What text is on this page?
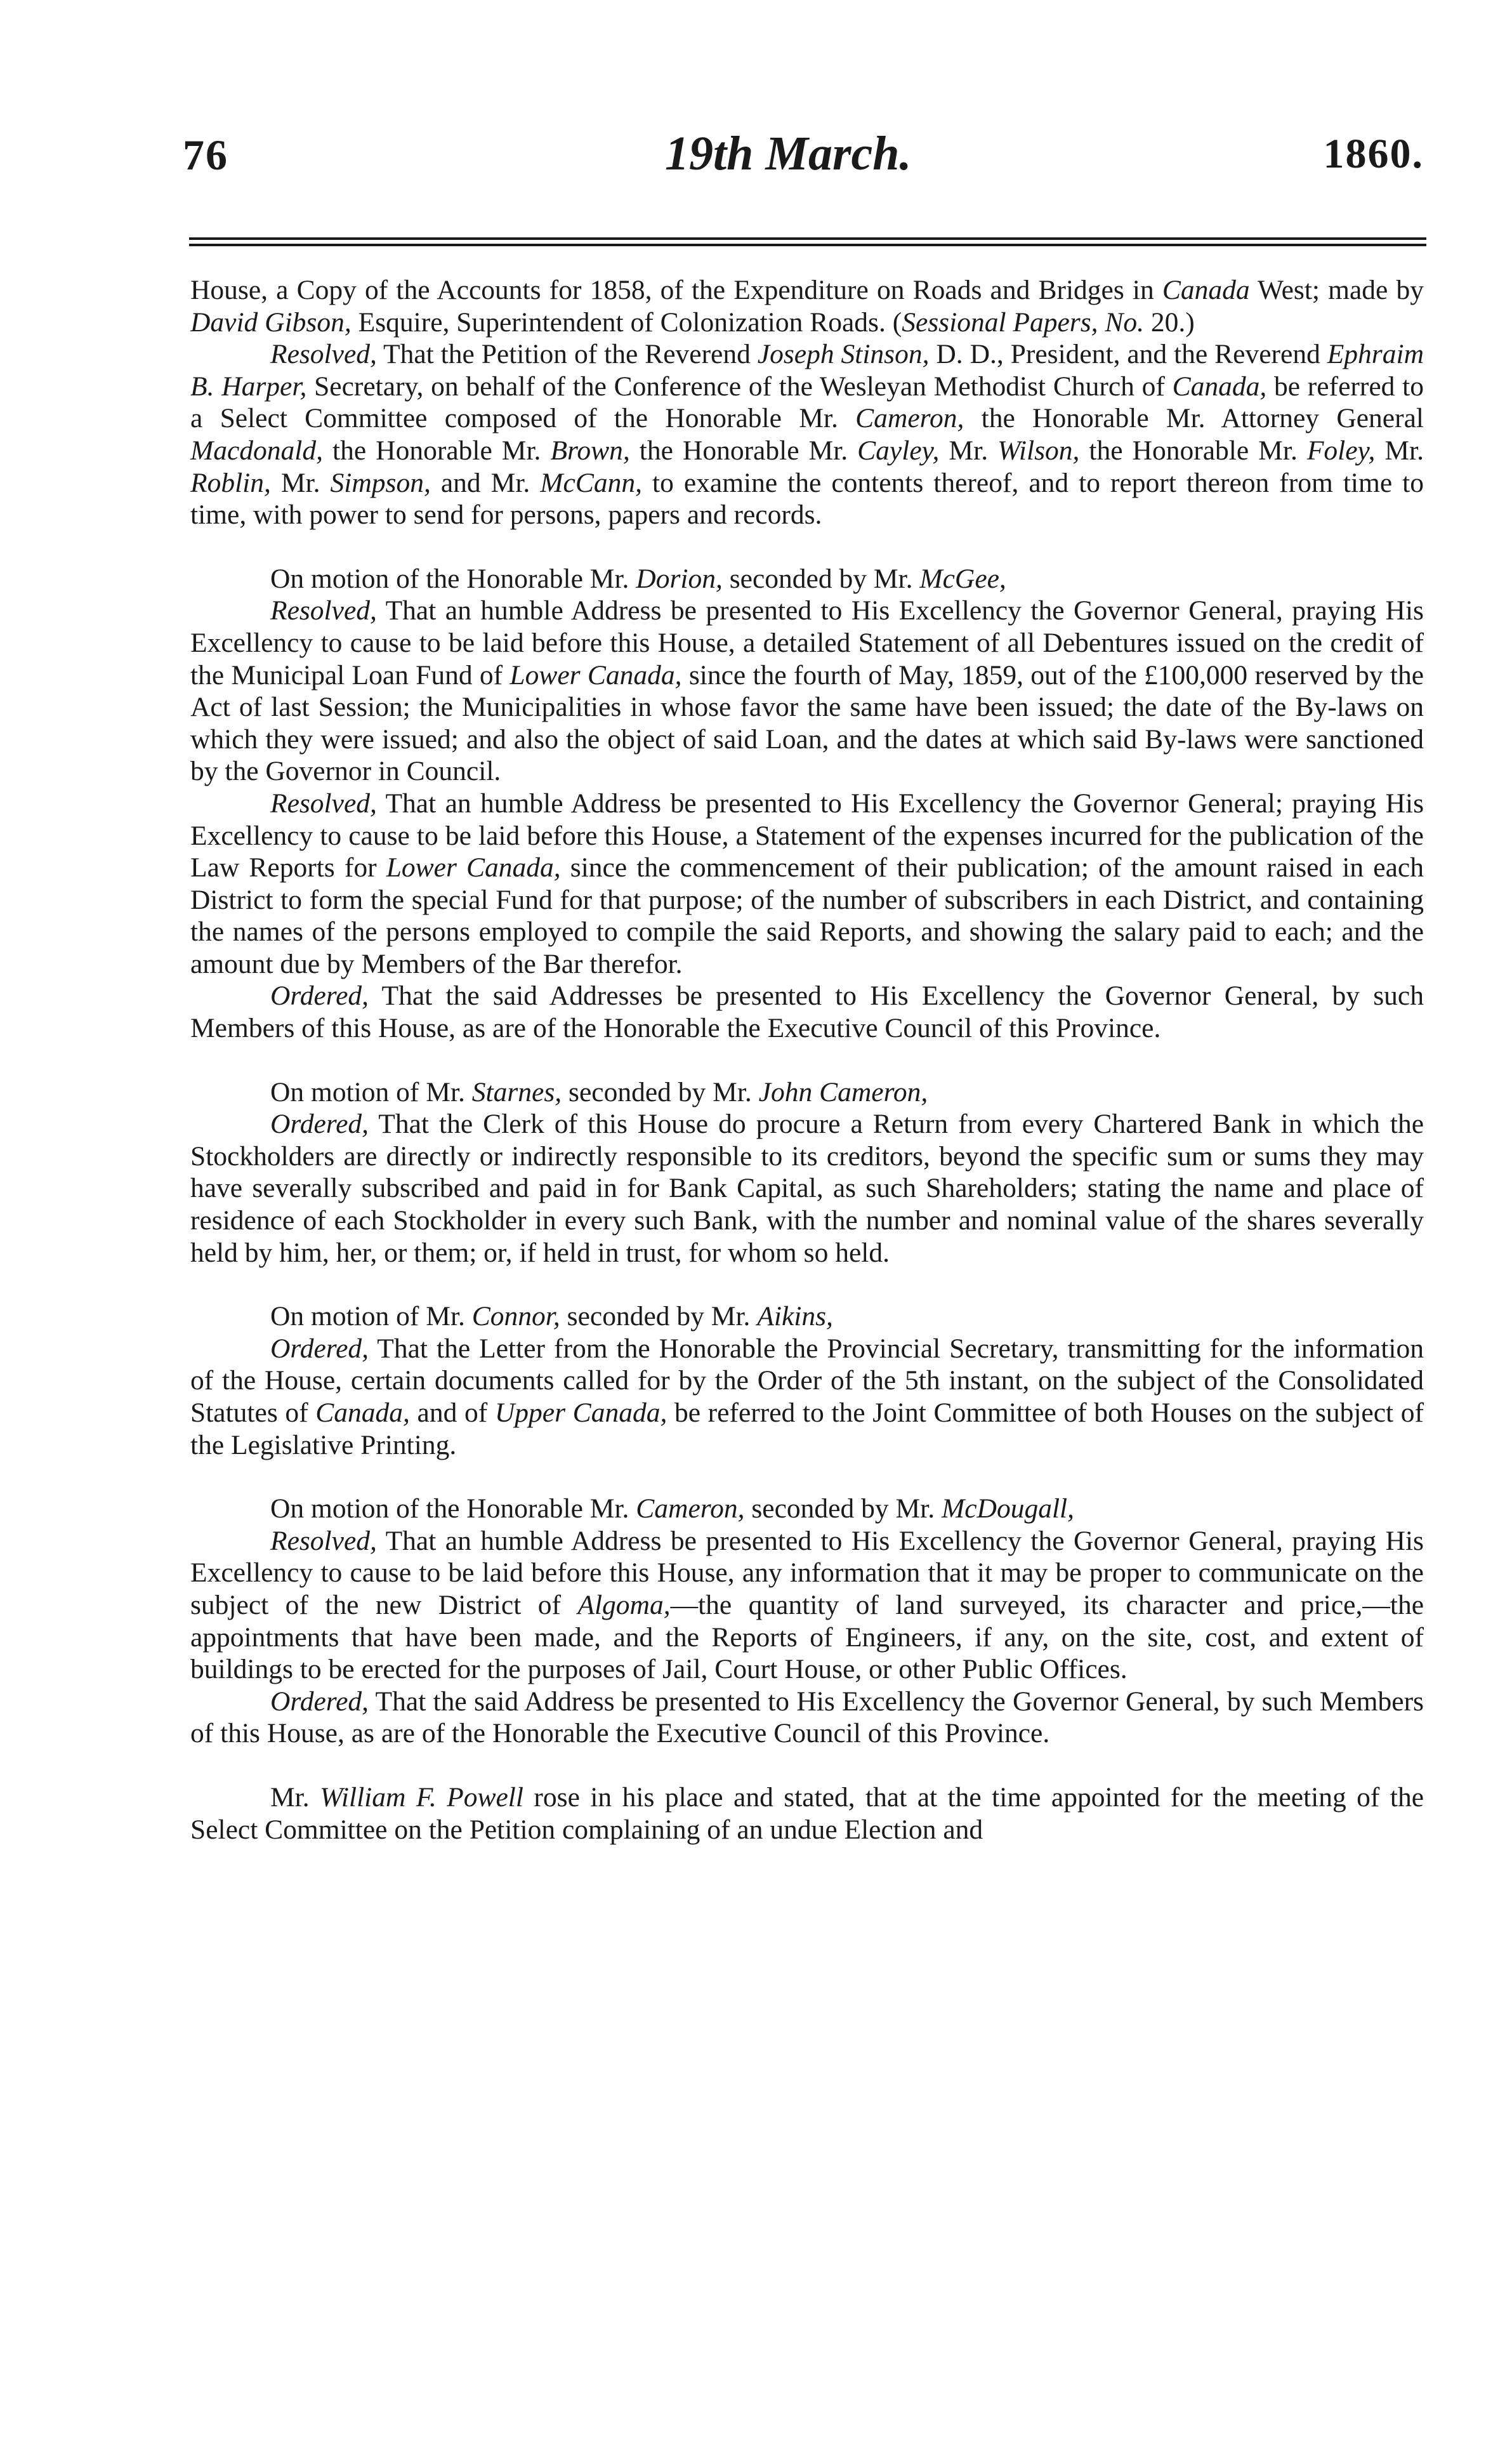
76	19th March.	1860.

House, a Copy of the Accounts for 1858, of the Expenditure on Roads and Bridges in Canada West; made by David Gibson, Esquire, Superintendent of Colonization Roads. (Sessional Papers, No. 20.)

Resolved, That the Petition of the Reverend Joseph Stinson, D. D., President, and the Reverend Ephraim B. Harper, Secretary, on behalf of the Conference of the Wesleyan Methodist Church of Canada, be referred to a Select Committee composed of the Honorable Mr. Cameron, the Honorable Mr. Attorney General Macdonald, the Honorable Mr. Brown, the Honorable Mr. Cayley, Mr. Wilson, the Honorable Mr. Foley, Mr. Roblin, Mr. Simpson, and Mr. McCann, to examine the contents thereof, and to report thereon from time to time, with power to send for persons, papers and records.

On motion of the Honorable Mr. Dorion, seconded by Mr. McGee,

Resolved, That an humble Address be presented to His Excellency the Governor General, praying His Excellency to cause to be laid before this House, a detailed Statement of all Debentures issued on the credit of the Municipal Loan Fund of Lower Canada, since the fourth of May, 1859, out of the £100,000 reserved by the Act of last Session; the Municipalities in whose favor the same have been issued; the date of the By-laws on which they were issued; and also the object of said Loan, and the dates at which said By-laws were sanctioned by the Governor in Council.

Resolved, That an humble Address be presented to His Excellency the Governor General; praying His Excellency to cause to be laid before this House, a Statement of the expenses incurred for the publication of the Law Reports for Lower Canada, since the commencement of their publication; of the amount raised in each District to form the special Fund for that purpose; of the number of subscribers in each District, and containing the names of the persons employed to compile the said Reports, and showing the salary paid to each; and the amount due by Members of the Bar therefor.

Ordered, That the said Addresses be presented to His Excellency the Governor General, by such Members of this House, as are of the Honorable the Executive Council of this Province.

On motion of Mr. Starnes, seconded by Mr. John Cameron,

Ordered, That the Clerk of this House do procure a Return from every Chartered Bank in which the Stockholders are directly or indirectly responsible to its creditors, beyond the specific sum or sums they may have severally subscribed and paid in for Bank Capital, as such Shareholders; stating the name and place of residence of each Stockholder in every such Bank, with the number and nominal value of the shares severally held by him, her, or them; or, if held in trust, for whom so held.

On motion of Mr. Connor, seconded by Mr. Aikins,

Ordered, That the Letter from the Honorable the Provincial Secretary, transmitting for the information of the House, certain documents called for by the Order of the 5th instant, on the subject of the Consolidated Statutes of Canada, and of Upper Canada, be referred to the Joint Committee of both Houses on the subject of the Legislative Printing.

On motion of the Honorable Mr. Cameron, seconded by Mr. McDougall,

Resolved, That an humble Address be presented to His Excellency the Governor General, praying His Excellency to cause to be laid before this House, any information that it may be proper to communicate on the subject of the new District of Algoma,—the quantity of land surveyed, its character and price,—the appointments that have been made, and the Reports of Engineers, if any, on the site, cost, and extent of buildings to be erected for the purposes of Jail, Court House, or other Public Offices.

Ordered, That the said Address be presented to His Excellency the Governor General, by such Members of this House, as are of the Honorable the Executive Council of this Province.

Mr. William F. Powell rose in his place and stated, that at the time appointed for the meeting of the Select Committee on the Petition complaining of an undue Election and
